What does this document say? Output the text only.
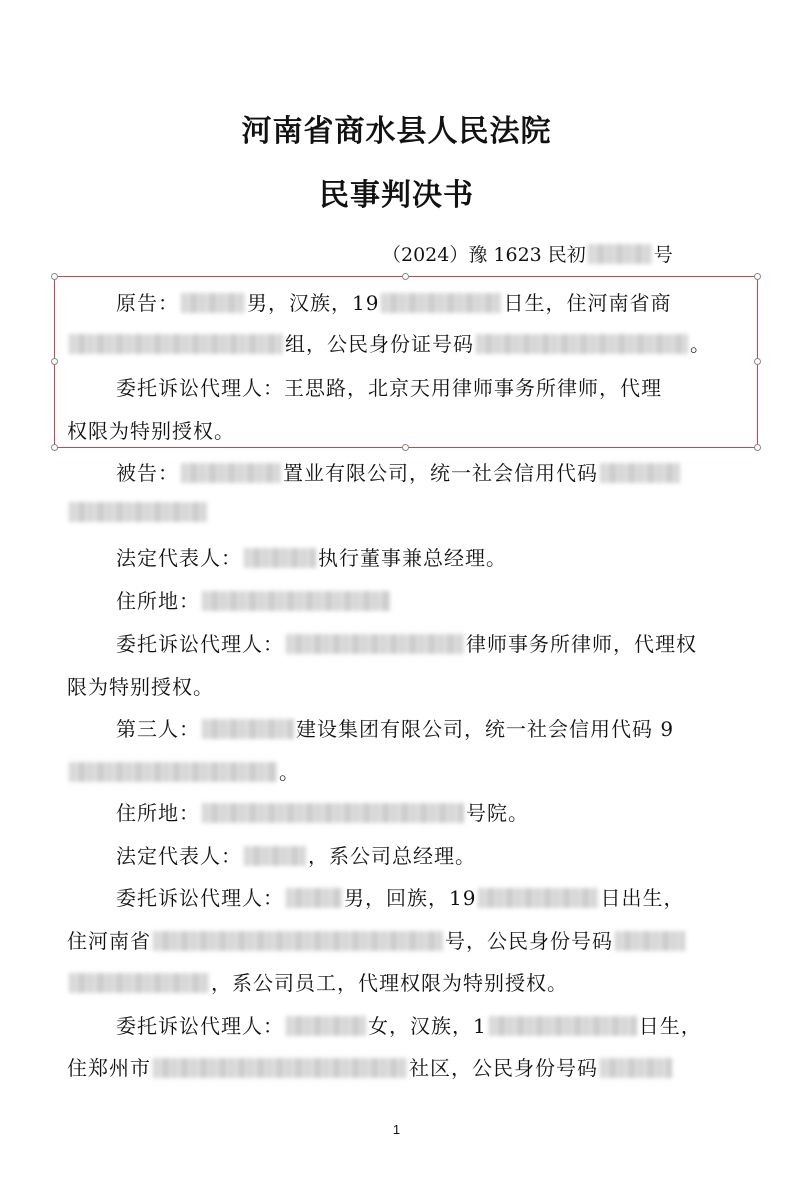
河南省商水县人民法院
民事判决书
（2024）豫 1623 民初	号
原告：	男，汉族，19	日生，住河南省商
组，公民身份证号码	。
委托诉讼代理人：王思路，北京天用律师事务所律师，代理
权限为特别授权。
被告：	置业有限公司，统一社会信用代码
法定代表人：	执行董事兼总经理。
住所地：
委托诉讼代理人：	律师事务所律师，代理权
限为特别授权。
第三人：	建设集团有限公司，统一社会信用代码 9
。
住所地：	号院。
法定代表人：	，系公司总经理。
委托诉讼代理人：	男，回族，19	日出生，
住河南省	号，公民身份号码
，系公司员工，代理权限为特别授权。
委托诉讼代理人：	女，汉族，1	日生，
住郑州市	社区，公民身份号码
1
